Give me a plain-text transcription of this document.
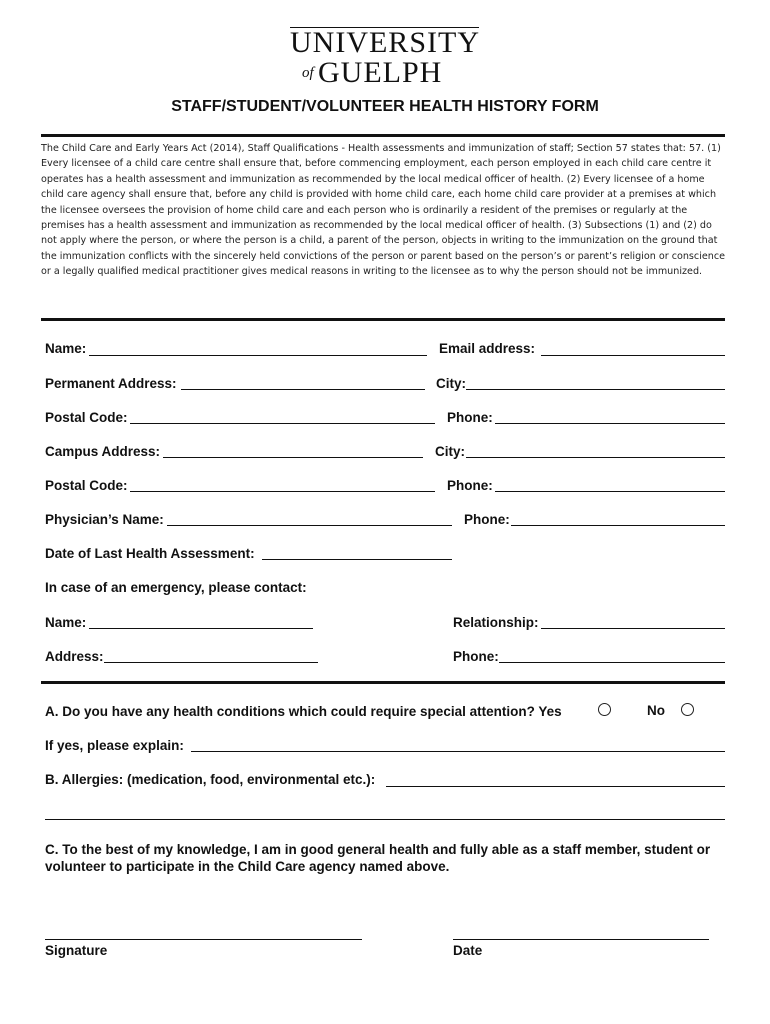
UNIVERSITY
of GUELPH
STAFF/STUDENT/VOLUNTEER HEALTH HISTORY FORM
The Child Care and Early Years Act (2014), Staff Qualifications - Health assessments and immunization of staff; Section 57 states that: 57. (1) Every licensee of a child care centre shall ensure that, before commencing employment, each person employed in each child care centre it operates has a health assessment and immunization as recommended by the local medical officer of health. (2) Every licensee of a home child care agency shall ensure that, before any child is provided with home child care, each home child care provider at a premises at which the licensee oversees the provision of home child care and each person who is ordinarily a resident of the premises or regularly at the premises has a health assessment and immunization as recommended by the local medical officer of health. (3) Subsections (1) and (2) do not apply where the person, or where the person is a child, a parent of the person, objects in writing to the immunization on the ground that the immunization conflicts with the sincerely held convictions of the person or parent based on the person’s or parent’s religion or conscience or a legally qualified medical practitioner gives medical reasons in writing to the licensee as to why the person should not be immunized.
Name:	Email address:
Permanent Address:	City:
Postal Code:	Phone:
Campus Address:	City:
Postal Code:	Phone:
Physician’s Name:	Phone:
Date of Last Health Assessment:
In case of an emergency, please contact:
Name:	Relationship:
Address:	Phone:
A. Do you have any health conditions which could require special attention? Yes	No
If yes, please explain:
B. Allergies: (medication, food, environmental etc.):
C. To the best of my knowledge, I am in good general health and fully able as a staff member, student or volunteer to participate in the Child Care agency named above.
Signature	Date
